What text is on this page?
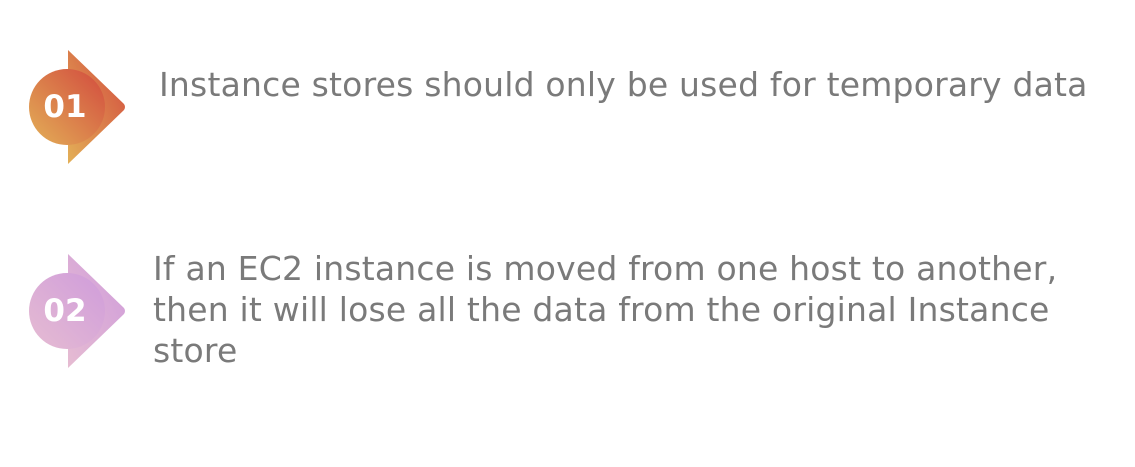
01
Instance stores should only be used for temporary data
02
If an EC2 instance is moved from one host to another, then it will lose all the data from the original Instance store
